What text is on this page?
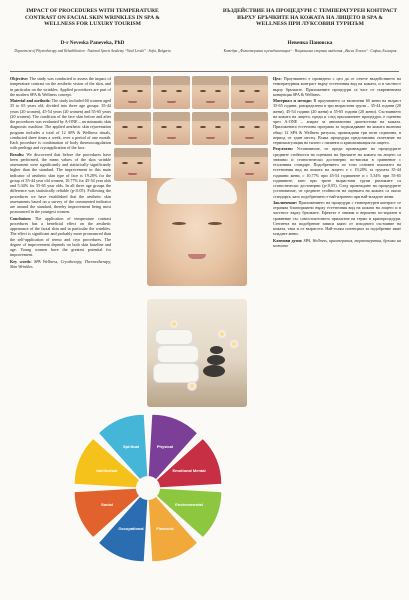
IMPACT OF PROCEDURES WITH TEMPERATURE CONTRAST ON FACIAL SKIN WRINKLES IN SPA & WELLNESS FOR LUXURY TOURISM
D-r Neveska Paneveka, PhD
Department of Physiotherapy and Rehabilitation · National Sports Academy “Vasil Levski” · Sofia, Bulgaria
ВЪЗДЕЙСТВИЕ НА ПРОЦЕДУРИ С ТЕМПЕРАТУРЕН КОНТРАСТ ВЪРХУ БРЪЧКИТЕ НА КОЖАТА НА ЛИЦЕТО В SPA & WELLNESS ПРИ ЛУКСОВИЯ ТУРИЗЪМ
Невенка Пановска
Катедра „Физиотерапия и рехабилитация“ · Национална спортна академия „Васил Левски“ · София, България

Objective: The study was conducted to assess the impact of temperature contrast on the aesthetic vision of the skin, and in particular on the wrinkles. Applied procedures are part of the modern SPA & Wellness concept.

Material and methods: The study included 60 women aged 35 to 65 years old, divided into three age groups: 35-44 years (20 women), 45-54 years (20 women) and 55-65 years (20 women). The condition of the face skin before and after the procedures was evaluated by A-ONE – an automatic skin diagnostic machine. The applied aesthetic skin rejuvenation program includes a total of 12 SPA & Wellness rituals, conducted three times a week, over a period of one month. Each procedure is combination of body thermocoagulation with peelings and cryoapplication of the face.

Results: We discovered that before the procedures have been performed, the mean values of the skin wrinkle assessment were significantly and statistically significantly higher than the standard. The improvement in this main indicator of aesthetic skin type of face is 19.28% for the group of 35-44 year old women, 10.77% for 45-54 year olds and 5.34% for 55-65 year olds. In all three age groups the difference was statistically reliable (p<0.05). Following the procedures we have established that the aesthetic skin assessments based on a survey of the commented indicator are around the standard, thereby improvement being most pronounced in the youngest women.

Conclusion: The application of temperature contrast procedures has a beneficial effect on the aesthetic appearance of the facial skin and in particular the wrinkles. The effect is significant and probably more pronounced than the self-application of termo and cryo procedures. The degree of improvement depends on both skin baseline and age. Young women have the greatest potential for improvement.

Key words: SPA Wellness, Cryotherapy, Thermotherapy, Skin Wrinkles

Цел: Проучването е проведено с цел да се отчете въздействието на температурния контраст върху естетичния вид на кожата, и в частност върху бръчките. Приложените процедури са част от съвременната концепция SPA & Wellness.

Материал и методи: В проучването са включени 60 жени на възраст 35-65 години, разпределени в три възрастови групи – 35-44 години (20 жени), 45-54 години (20 жени) и 55-65 години (20 жени). Състоянието на кожата на лицето, преди и след приложените процедури, е оценено чрез A-ONE – апарат за автоматична диагностика на кожата. Приложената естетична програма за подмладяване на кожата включва общо 12 SPA & Wellness ритуала, провеждани три пъти седмично, в период от един месец. Всяка процедура представлява съчетание на термокоагулация на тялото с пилинги и криоапликация на лицето.

Резултати: Установихме, че преди провеждане на процедурите средните стойности на оценката на бръчките на кожата на лицето са значимо и статистически достоверно по-високи в сравнение с еталонния стандарт. Подобрението по този основен показател на естетичния вид на кожата на лицето е с 19,28% за групата 35-44 годишни жени, с 10,77% при 45-54 годишните и с 5,34% при 55-65 годишните, като при трите възрастови групи разликите са статистически достоверни (p<0,05). След провеждане на процедурите установихме, че средните стойности на оценката на кожата са около стандарта, като подобрението е най-изразено при най-младите жени.

Заключение: Приложението на процедури с температурен контраст се отразява благоприятно върху естетичния вид на кожата на лицето и в частност върху бръчките. Ефектът е значим и вероятно по-изразен в сравнение със самостоятелното прилагане на термо и криопроцедури. Степента на подобрение зависи както от изходното състояние на кожата, така и от възрастта. Най-голям потенциал за подобрение имат младите жени.

Ключови думи: SPA, Wellness, криотерапия, термотерапия, бръчки на кожата

Physical
Emotional Mental
Environmental
Financial
Occupational
Social
Intellectual
Spiritual
